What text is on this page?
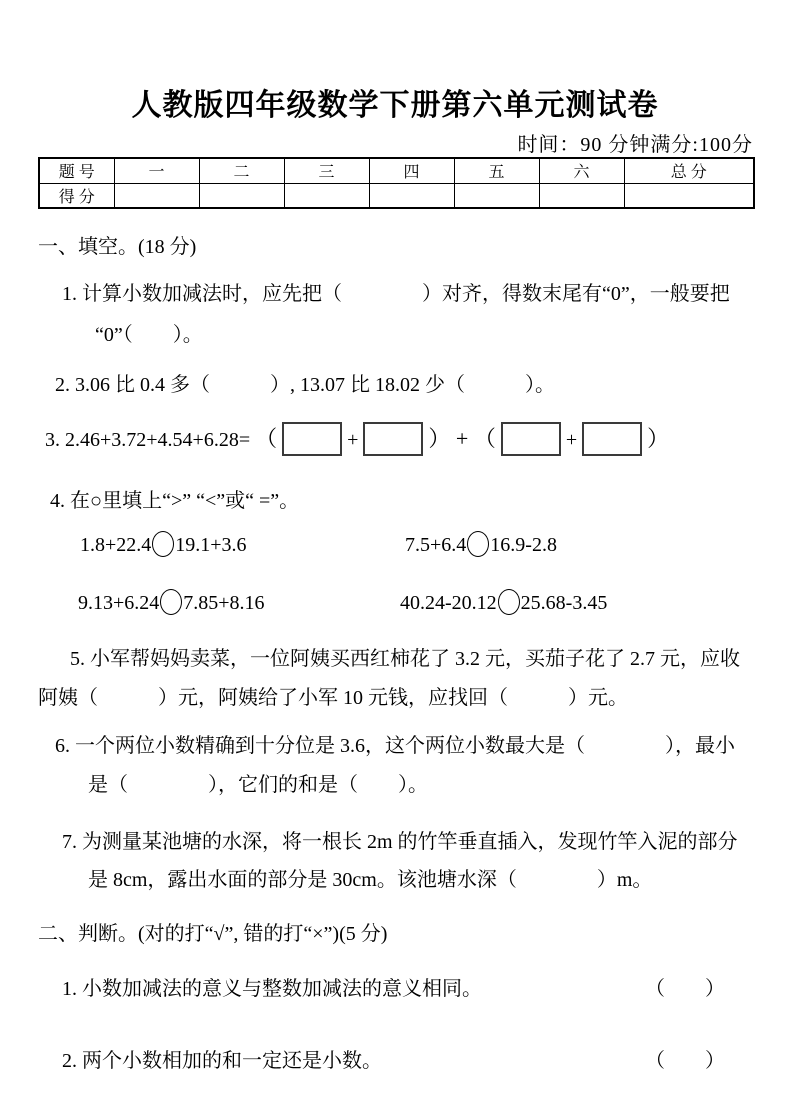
人教版四年级数学下册第六单元测试卷
时间：90 分钟满分:100分
题 号	一	二	三	四	五	六	总 分
得 分							
一、填空。(18 分)
1. 计算小数加减法时，应先把（　　　　）对齐，得数末尾有“0”，一般要把
“0”（　　）。
2. 3.06 比 0.4 多（　　　）, 13.07 比 18.02 少（　　　）。
3. 2.46+3.72+4.54+6.28= （	+	） + （	+	）
4. 在○里填上“>” “<”或“ =”。
1.8+22.4 19.1+3.6	7.5+6.4 16.9-2.8
9.13+6.24 7.85+8.16	40.24-20.12 25.68-3.45
5. 小军帮妈妈卖菜，一位阿姨买西红柿花了 3.2 元，买茄子花了 2.7 元，应收
阿姨（　　　）元，阿姨给了小军 10 元钱，应找回（　　　）元。
6. 一个两位小数精确到十分位是 3.6，这个两位小数最大是（　　　　），最小
是（　　　　），它们的和是（　　）。
7. 为测量某池塘的水深，将一根长 2m 的竹竿垂直插入，发现竹竿入泥的部分
是 8cm，露出水面的部分是 30cm。该池塘水深（　　　　）m。
二、判断。(对的打“√”, 错的打“×”)(5 分)
1. 小数加减法的意义与整数加减法的意义相同。	（　　）
2. 两个小数相加的和一定还是小数。	（　　）
